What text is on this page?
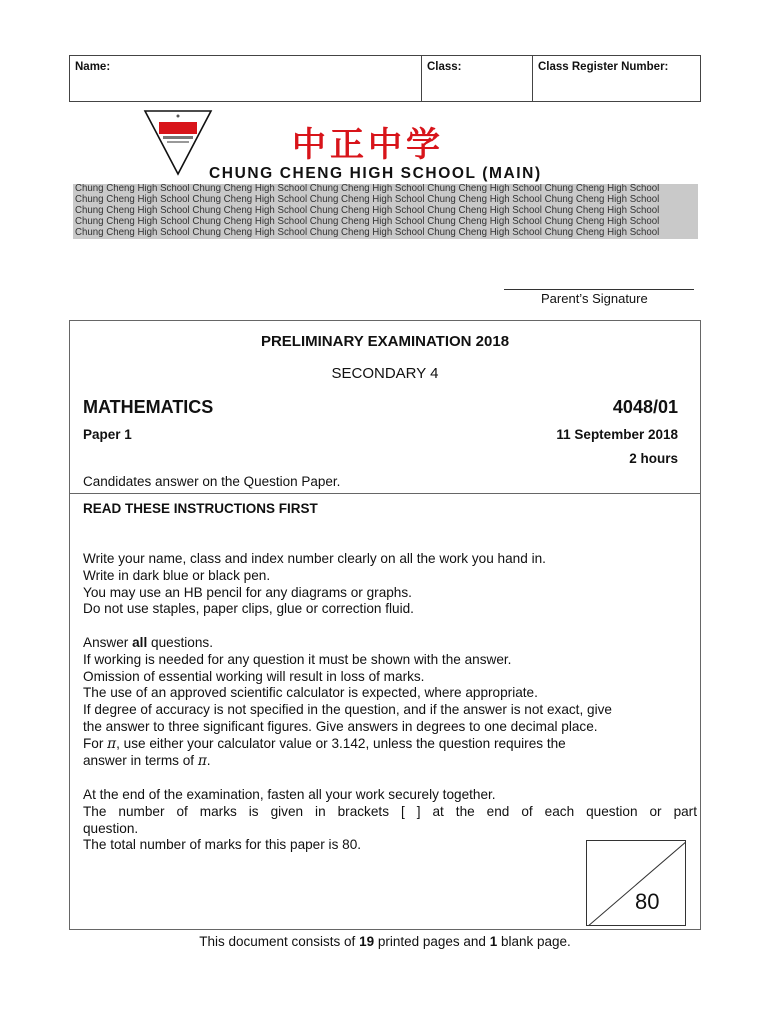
Name:	Class:	Class Register Number:
中正中学
CHUNG CHENG HIGH SCHOOL (MAIN)
Chung Cheng High School Chung Cheng High School Chung Cheng High School Chung Cheng High School Chung Cheng High School
Chung Cheng High School Chung Cheng High School Chung Cheng High School Chung Cheng High School Chung Cheng High School
Chung Cheng High School Chung Cheng High School Chung Cheng High School Chung Cheng High School Chung Cheng High School
Chung Cheng High School Chung Cheng High School Chung Cheng High School Chung Cheng High School Chung Cheng High School
Chung Cheng High School Chung Cheng High School Chung Cheng High School Chung Cheng High School Chung Cheng High School
Parent’s Signature
PRELIMINARY EXAMINATION 2018
SECONDARY 4
MATHEMATICS	4048/01
Paper 1	11 September 2018
2 hours
Candidates answer on the Question Paper.
READ THESE INSTRUCTIONS FIRST
Write your name, class and index number clearly on all the work you hand in.
Write in dark blue or black pen.
You may use an HB pencil for any diagrams or graphs.
Do not use staples, paper clips, glue or correction fluid.
Answer all questions.
If working is needed for any question it must be shown with the answer.
Omission of essential working will result in loss of marks.
The use of an approved scientific calculator is expected, where appropriate.
If degree of accuracy is not specified in the question, and if the answer is not exact, give
the answer to three significant figures. Give answers in degrees to one decimal place.
For π, use either your calculator value or 3.142, unless the question requires the
answer in terms of π.
At the end of the examination, fasten all your work securely together.
The number of marks is given in brackets [ ] at the end of each question or part
question.
The total number of marks for this paper is 80.
80
This document consists of 19 printed pages and 1 blank page.
